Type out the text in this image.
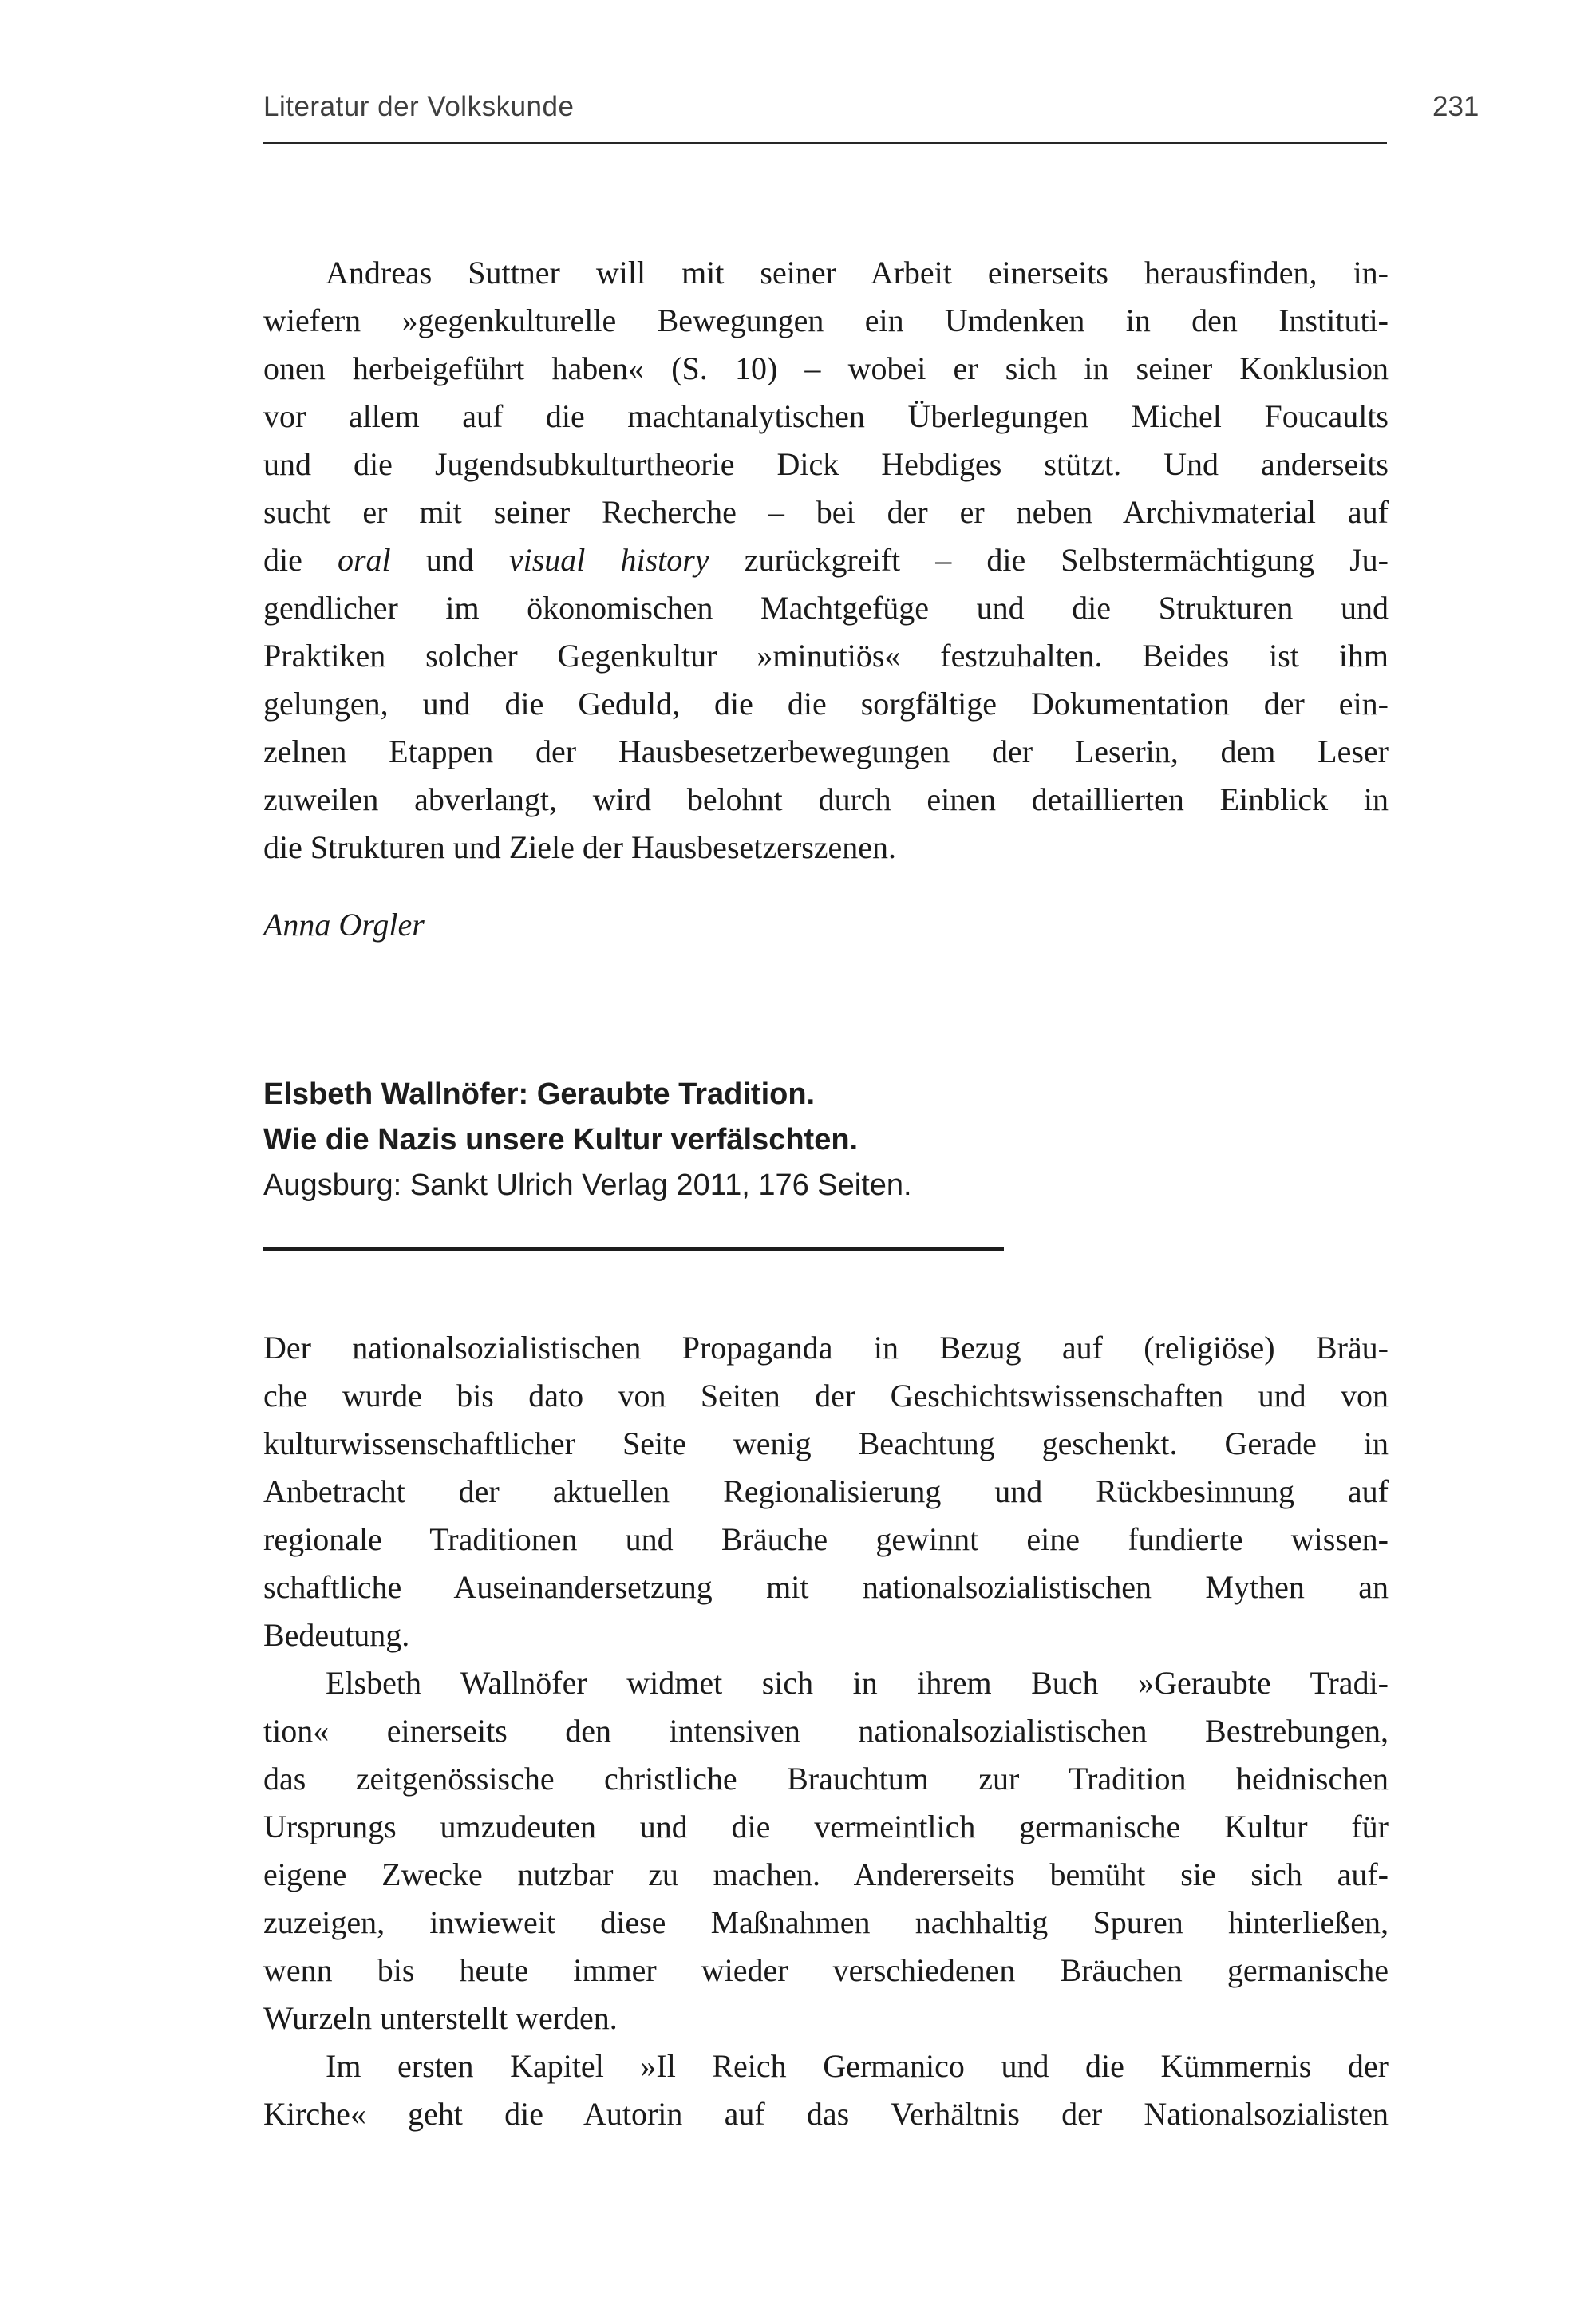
Literatur der Volkskunde	231
Andreas Suttner will mit seiner Arbeit einerseits herausfinden, in-
wiefern »gegenkulturelle Bewegungen ein Umdenken in den Instituti-
onen herbeigeführt haben« (S. 10) – wobei er sich in seiner Konklusion
vor allem auf die machtanalytischen Überlegungen Michel Foucaults
und die Jugendsubkulturtheorie Dick Hebdiges stützt. Und anderseits
sucht er mit seiner Recherche – bei der er neben Archivmaterial auf
die oral und visual history zurückgreift – die Selbstermächtigung Ju-
gendlicher im ökonomischen Machtgefüge und die Strukturen und
Praktiken solcher Gegenkultur »minutiös« festzuhalten. Beides ist ihm
gelungen, und die Geduld, die die sorgfältige Dokumentation der ein-
zelnen Etappen der Hausbesetzerbewegungen der Leserin, dem Leser
zuweilen abverlangt, wird belohnt durch einen detaillierten Einblick in
die Strukturen und Ziele der Hausbesetzerszenen.
Anna Orgler
Elsbeth Wallnöfer: Geraubte Tradition.
Wie die Nazis unsere Kultur verfälschten.
Augsburg: Sankt Ulrich Verlag 2011, 176 Seiten.
Der nationalsozialistischen Propaganda in Bezug auf (religiöse) Bräu-
che wurde bis dato von Seiten der Geschichtswissenschaften und von
kulturwissenschaftlicher Seite wenig Beachtung geschenkt. Gerade in
Anbetracht der aktuellen Regionalisierung und Rückbesinnung auf
regionale Traditionen und Bräuche gewinnt eine fundierte wissen-
schaftliche Auseinandersetzung mit nationalsozialistischen Mythen an
Bedeutung.
Elsbeth Wallnöfer widmet sich in ihrem Buch »Geraubte Tradi-
tion« einerseits den intensiven nationalsozialistischen Bestrebungen,
das zeitgenössische christliche Brauchtum zur Tradition heidnischen
Ursprungs umzudeuten und die vermeintlich germanische Kultur für
eigene Zwecke nutzbar zu machen. Andererseits bemüht sie sich auf-
zuzeigen, inwieweit diese Maßnahmen nachhaltig Spuren hinterließen,
wenn bis heute immer wieder verschiedenen Bräuchen germanische
Wurzeln unterstellt werden.
Im ersten Kapitel »Il Reich Germanico und die Kümmernis der
Kirche« geht die Autorin auf das Verhältnis der Nationalsozialisten
